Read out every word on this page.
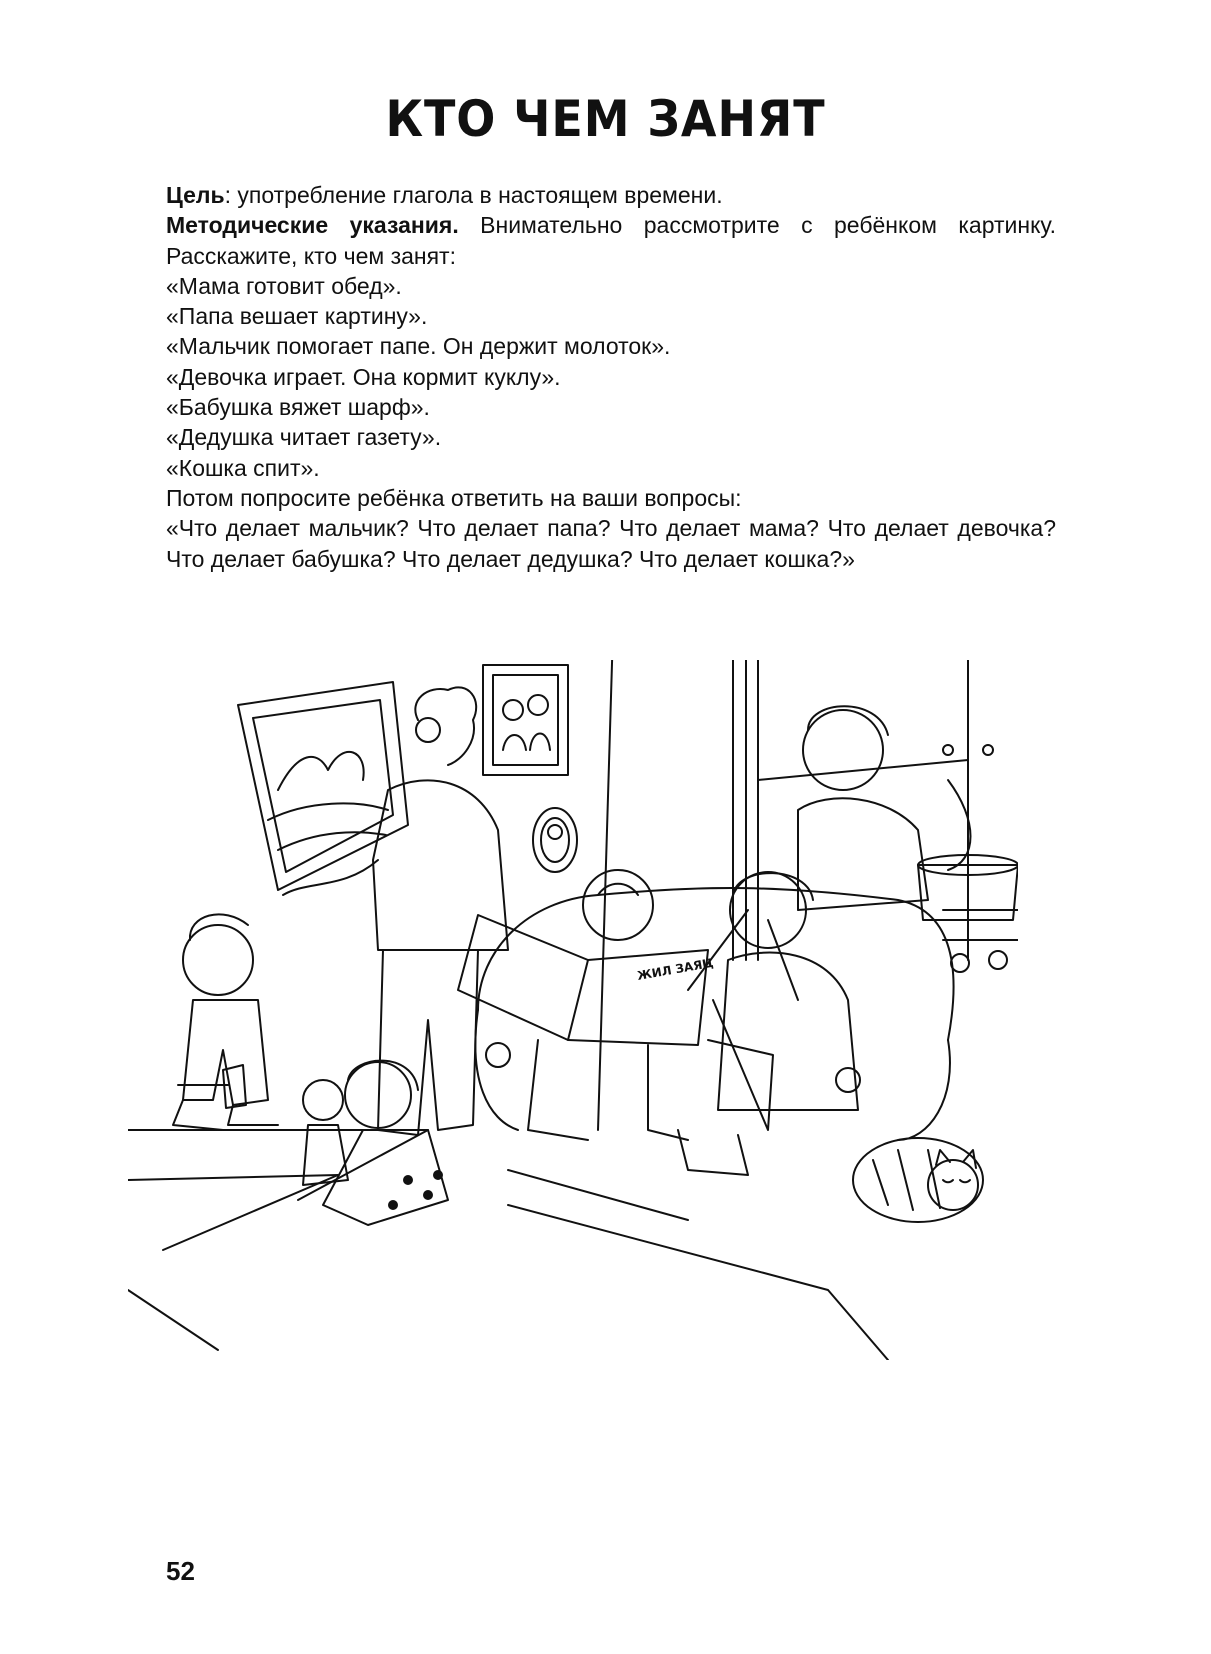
КТО ЧЕМ ЗАНЯТ

Цель: употребление глагола в настоящем времени.

Методические указания. Внимательно рассмотрите с ребёнком картинку. Расскажите, кто чем занят:

«Мама готовит обед».

«Папа вешает картину».

«Мальчик помогает папе. Он держит молоток».

«Девочка играет. Она кормит куклу».

«Бабушка вяжет шарф».

«Дедушка читает газету».

«Кошка спит».

Потом попросите ребёнка ответить на ваши вопросы:

«Что делает мальчик? Что делает папа? Что делает мама? Что делает девочка? Что делает бабушка? Что делает дедушка? Что делает кошка?»

ЖИЛ ЗАЯЦ
52
